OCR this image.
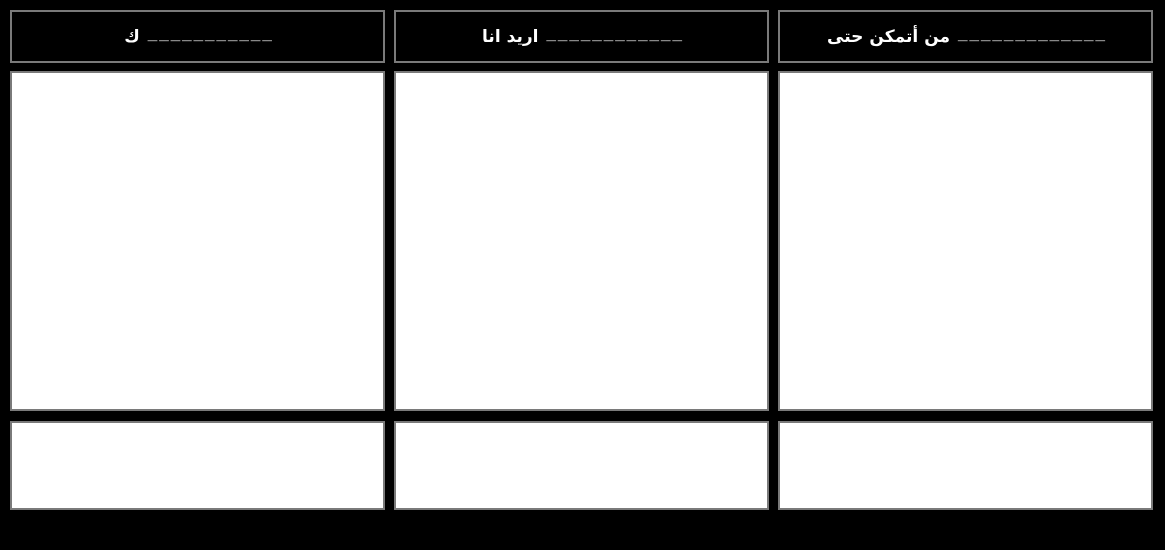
ك ___________	انا اريد ____________	حتى أتمكن من _____________
